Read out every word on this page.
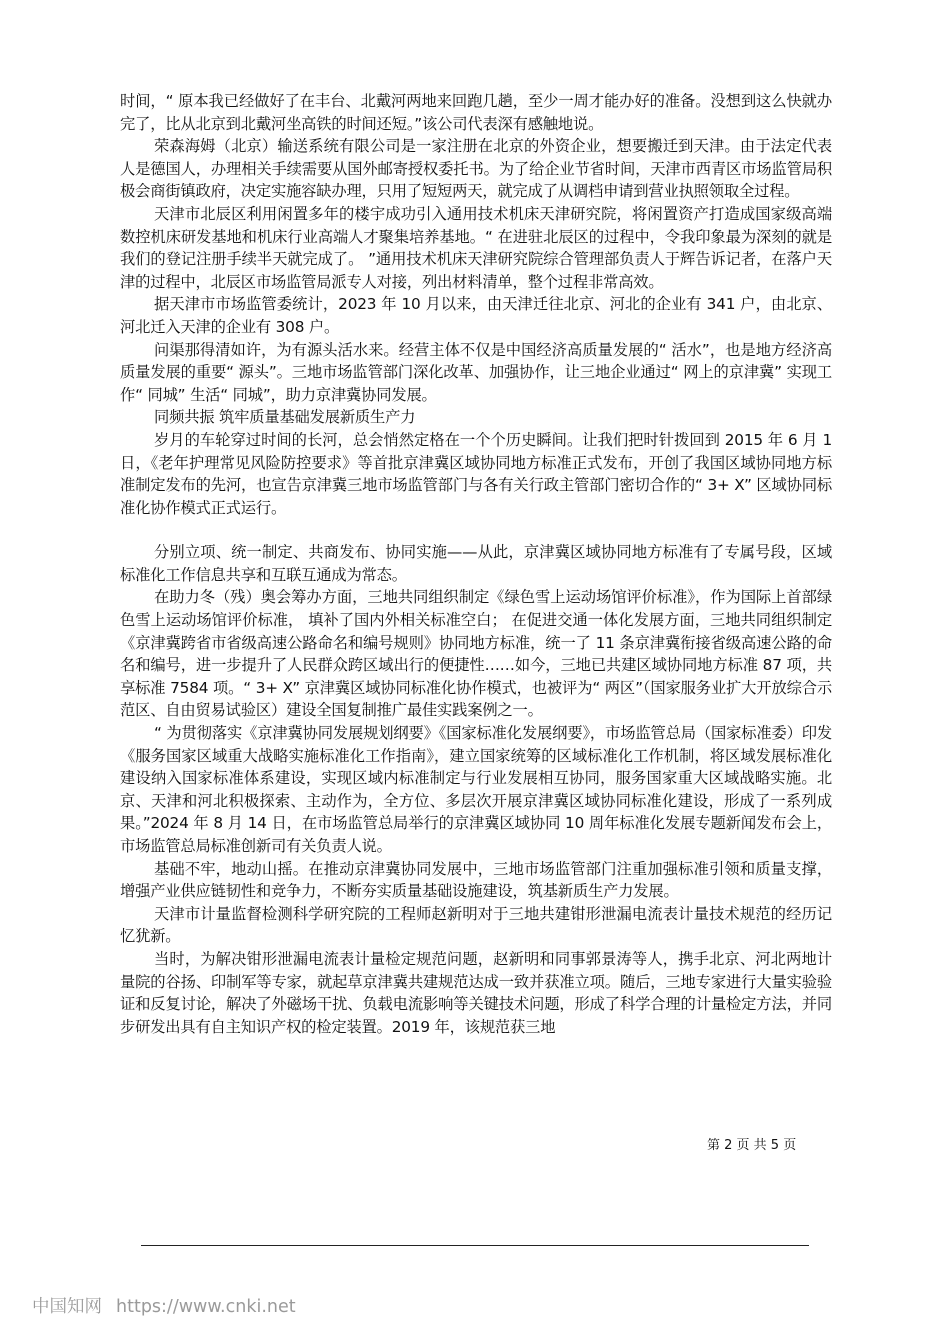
时间，“ 原本我已经做好了在丰台、北戴河两地来回跑几趟，至少一周才能办好的准备。没想到这么快就办完了，比从北京到北戴河坐高铁的时间还短。”该公司代表深有感触地说。

荣森海姆（北京）输送系统有限公司是一家注册在北京的外资企业，想要搬迁到天津。由于法定代表人是德国人，办理相关手续需要从国外邮寄授权委托书。为了给企业节省时间，天津市西青区市场监管局积极会商街镇政府，决定实施容缺办理，只用了短短两天，就完成了从调档申请到营业执照领取全过程。

天津市北辰区利用闲置多年的楼宇成功引入通用技术机床天津研究院，将闲置资产打造成国家级高端数控机床研发基地和机床行业高端人才聚集培养基地。“ 在进驻北辰区的过程中，令我印象最为深刻的就是我们的登记注册手续半天就完成了。 ”通用技术机床天津研究院综合管理部负责人于辉告诉记者，在落户天津的过程中，北辰区市场监管局派专人对接，列出材料清单，整个过程非常高效。

据天津市市场监管委统计，2023 年 10 月以来，由天津迁往北京、河北的企业有 341 户，由北京、河北迁入天津的企业有 308 户。

问渠那得清如许，为有源头活水来。经营主体不仅是中国经济高质量发展的“ 活水”，也是地方经济高质量发展的重要“ 源头”。三地市场监管部门深化改革、加强协作，让三地企业通过“ 网上的京津冀” 实现工作“ 同城” 生活“ 同城”，助力京津冀协同发展。

同频共振 筑牢质量基础发展新质生产力

岁月的车轮穿过时间的长河，总会悄然定格在一个个历史瞬间。让我们把时针拨回到 2015 年 6 月 1 日，《老年护理常见风险防控要求》等首批京津冀区域协同地方标准正式发布，开创了我国区域协同地方标准制定发布的先河，也宣告京津冀三地市场监管部门与各有关行政主管部门密切合作的“ 3+ X” 区域协同标准化协作模式正式运行。

分别立项、统一制定、共商发布、协同实施——从此，京津冀区域协同地方标准有了专属号段，区域标准化工作信息共享和互联互通成为常态。

在助力冬（残）奥会筹办方面，三地共同组织制定《绿色雪上运动场馆评价标准》，作为国际上首部绿色雪上运动场馆评价标准， 填补了国内外相关标准空白； 在促进交通一体化发展方面，三地共同组织制定《京津冀跨省市省级高速公路命名和编号规则》协同地方标准，统一了 11 条京津冀衔接省级高速公路的命名和编号，进一步提升了人民群众跨区域出行的便捷性……如今，三地已共建区域协同地方标准 87 项，共享标准 7584 项。“ 3+ X” 京津冀区域协同标准化协作模式，也被评为“ 两区”（国家服务业扩大开放综合示范区、自由贸易试验区）建设全国复制推广最佳实践案例之一。

“ 为贯彻落实《京津冀协同发展规划纲要》《国家标准化发展纲要》，市场监管总局（国家标准委）印发《服务国家区域重大战略实施标准化工作指南》，建立国家统筹的区域标准化工作机制，将区域发展标准化建设纳入国家标准体系建设，实现区域内标准制定与行业发展相互协同，服务国家重大区域战略实施。北京、天津和河北积极探索、主动作为，全方位、多层次开展京津冀区域协同标准化建设，形成了一系列成果。”2024 年 8 月 14 日，在市场监管总局举行的京津冀区域协同 10 周年标准化发展专题新闻发布会上，市场监管总局标准创新司有关负责人说。

基础不牢，地动山摇。在推动京津冀协同发展中，三地市场监管部门注重加强标准引领和质量支撑，增强产业供应链韧性和竞争力，不断夯实质量基础设施建设，筑基新质生产力发展。

天津市计量监督检测科学研究院的工程师赵新明对于三地共建钳形泄漏电流表计量技术规范的经历记忆犹新。

当时，为解决钳形泄漏电流表计量检定规范问题，赵新明和同事郭景涛等人，携手北京、河北两地计量院的谷扬、印制军等专家，就起草京津冀共建规范达成一致并获准立项。随后，三地专家进行大量实验验证和反复讨论，解决了外磁场干扰、负载电流影响等关键技术问题，形成了科学合理的计量检定方法，并同步研发出具有自主知识产权的检定装置。2019 年，该规范获三地

第 2 页 共 5 页
中国知网 https://www.cnki.net
